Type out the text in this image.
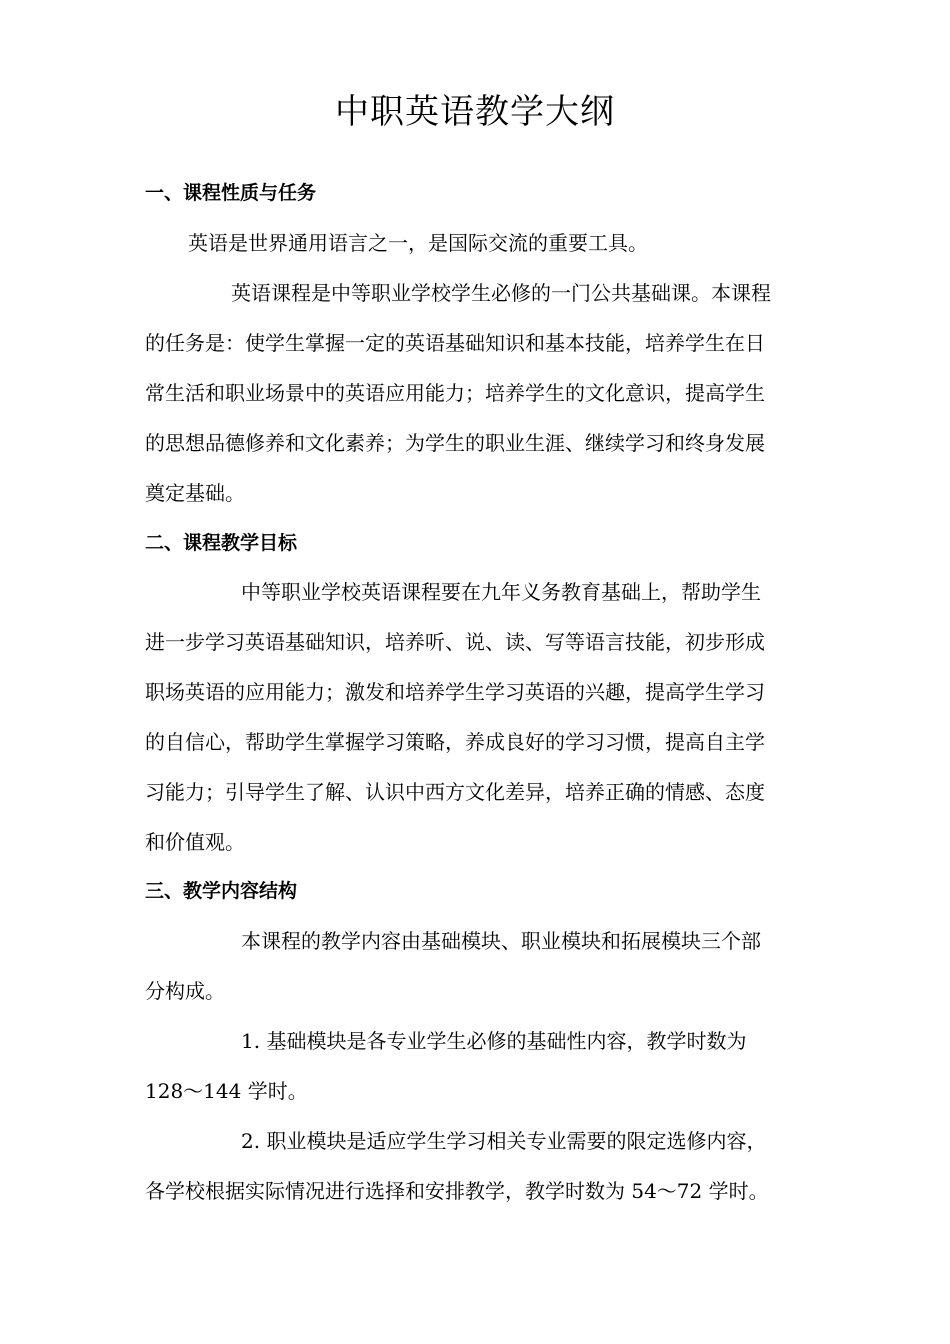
中职英语教学大纲
一、课程性质与任务

英语是世界通用语言之一，是国际交流的重要工具。

英语课程是中等职业学校学生必修的一门公共基础课。本课程

的任务是：使学生掌握一定的英语基础知识和基本技能，培养学生在日

常生活和职业场景中的英语应用能力；培养学生的文化意识，提高学生

的思想品德修养和文化素养；为学生的职业生涯、继续学习和终身发展

奠定基础。

二、课程教学目标

中等职业学校英语课程要在九年义务教育基础上，帮助学生

进一步学习英语基础知识，培养听、说、读、写等语言技能，初步形成

职场英语的应用能力；激发和培养学生学习英语的兴趣，提高学生学习

的自信心，帮助学生掌握学习策略，养成良好的学习习惯，提高自主学

习能力；引导学生了解、认识中西方文化差异，培养正确的情感、态度

和价值观。

三、教学内容结构

本课程的教学内容由基础模块、职业模块和拓展模块三个部

分构成。

1. 基础模块是各专业学生必修的基础性内容，教学时数为

128～144 学时。

2. 职业模块是适应学生学习相关专业需要的限定选修内容，

各学校根据实际情况进行选择和安排教学，教学时数为 54～72 学时。
